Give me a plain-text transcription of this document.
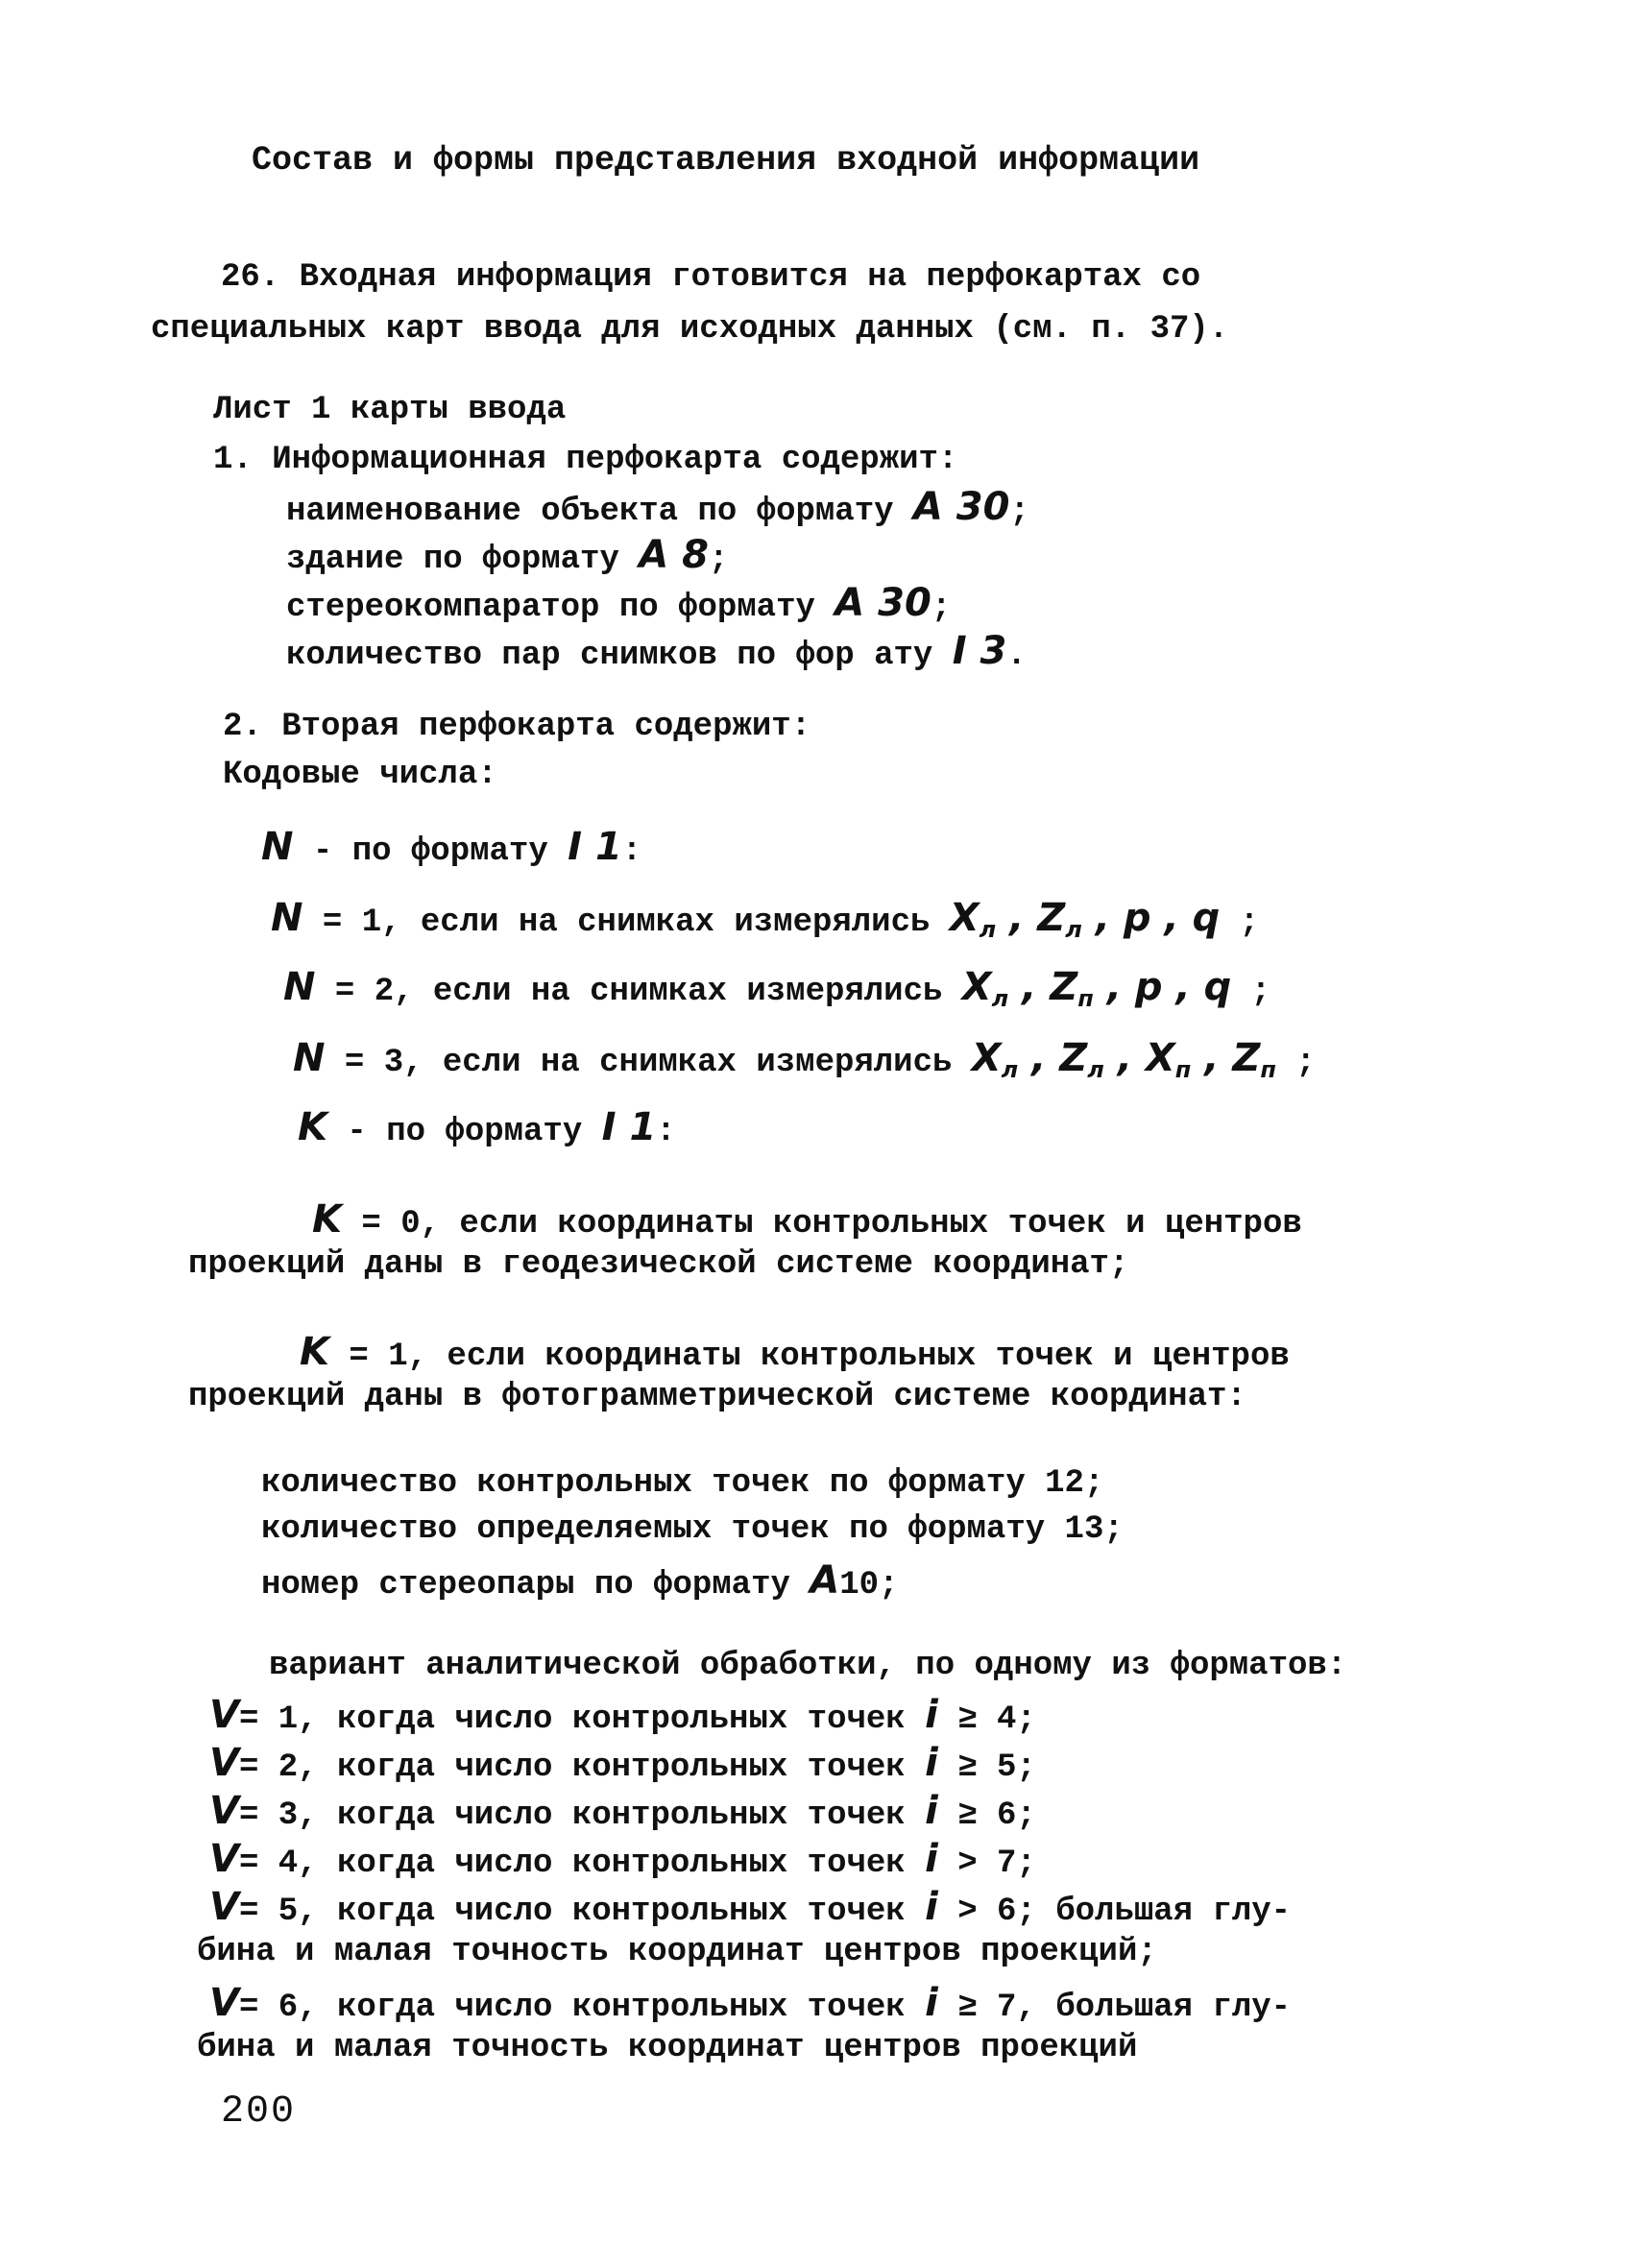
Состав и формы представления входной информации
26. Входная информация готовится на перфокартах со
специальных карт ввода для исходных данных (см. п. 37).
Лист 1 карты ввода
1. Информационная перфокарта содержит:
наименование объекта по формату A 30;
здание по формату A 8;
стереокомпаратор по формату A 30;
количество пар снимков по фор ату I 3.
2. Вторая перфокарта содержит:
Кодовые числа:
N - по формату I 1:
N = 1, если на снимках измерялись $X_л$ , $Z_л$ , p , q ;
N = 2, если на снимках измерялись $X_л$ , $Z_п$ , p , q ;
N = 3, если на снимках измерялись $X_л$ , $Z_л$ , $X_п$ , $Z_п$ ;
K - по формату I 1:
K = 0, если координаты контрольных точек и центров
проекций даны в геодезической системе координат;
K = 1, если координаты контрольных точек и центров
проекций даны в фотограмметрической системе координат:
количество контрольных точек по формату 12;
количество определяемых точек по формату 13;
номер стереопары по формату A10;
вариант аналитической обработки, по одному из форматов:
V= 1, когда число контрольных точек i ≥ 4;
V= 2, когда число контрольных точек i ≥ 5;
V= 3, когда число контрольных точек i ≥ 6;
V= 4, когда число контрольных точек i > 7;
V= 5, когда число контрольных точек i > 6; большая глу-
бина и малая точность координат центров проекций;
V= 6, когда число контрольных точек i ≥ 7, большая глу-
бина и малая точность координат центров проекций
200
